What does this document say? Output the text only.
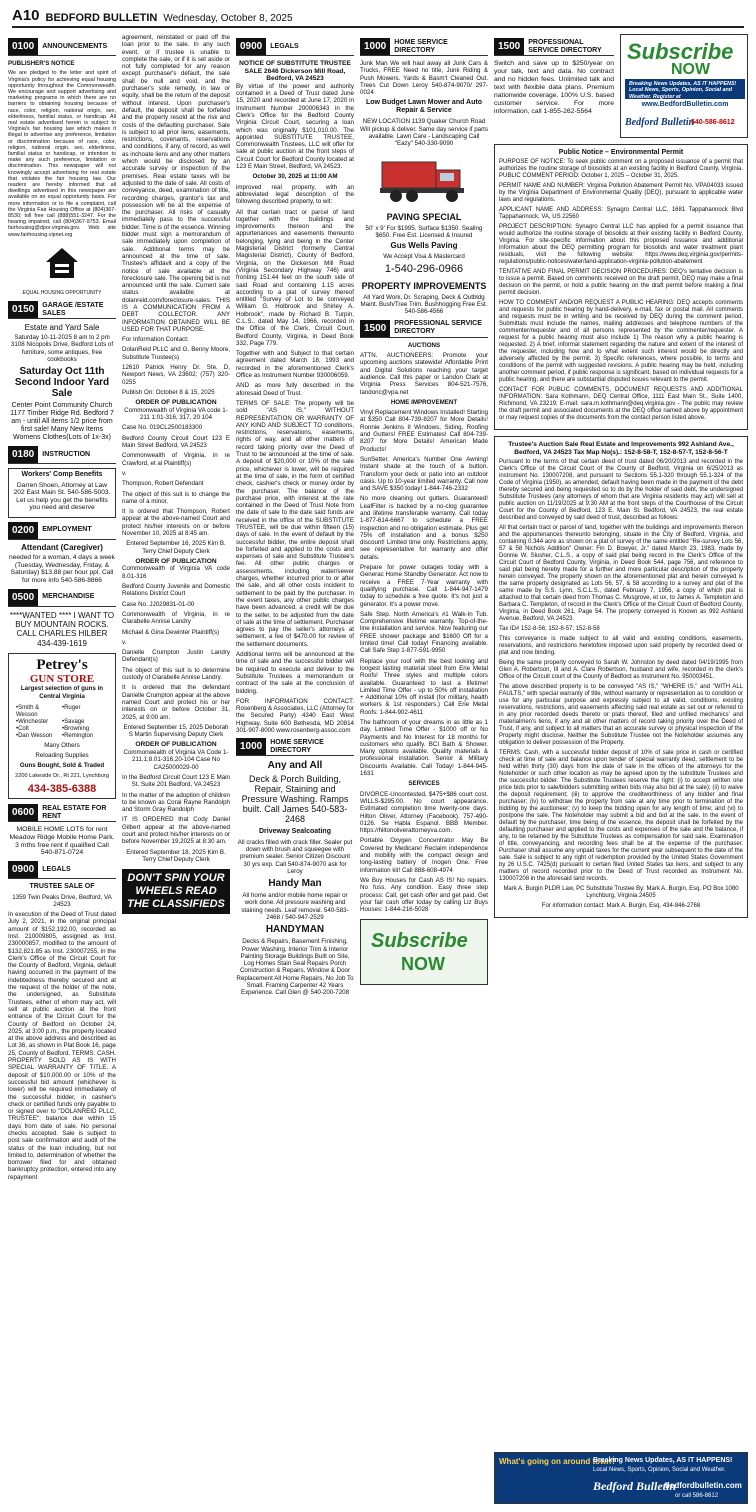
A10 BEDFORD BULLETIN Wednesday, October 8, 2025
0100	ANNOUNCEMENTS

PUBLISHER'S NOTICE

We are pledged to the letter and spirit of Virginia's policy for achieving equal housing opportunity throughout the Commonwealth. We encourage and support advertising and marketing programs in which there are no barriers to obtaining housing because of race, color, religion, national origin, sex, elderliness, familial status, or handicap. All real estate advertised herein is subject to Virginia's fair housing law which makes it illegal to advertise any preference, limitation or discrimination because of race, color, religion, national origin, sex, elderliness, familial status or handicap, or intention to make any such preference, limitation or discrimination. This newspaper will not knowingly accept advertising for real estate that violates the fair housing law. Our readers are hereby informed that all dwellings advertised in this newspaper are available on an equal opportunity basis. For more information or to file a complaint, call the Virginia Fair Housing Office at (804)367-8530; toll free call (888)551-3247. For the hearing impaired, call (804)367-9753. Email fairhousing@dpor.virginia.gov. Web site www.fairhousing.vipnet.org

EQUAL HOUSING OPPORTUNITY

0150	GARAGE /ESTATE SALES

Estate and Yard Sale

Saturday 10-11-2025 8 am to 2 pm 3108 Nicopolis Drive, Bedford Lots of furniture, some antiques, free cookbooks

Saturday Oct 11th Second Indoor Yard Sale

Center Point Community Church 1177 Timber Ridge Rd. Bedford 7 am - until All items 1/2 price from first sale! Many New Items Womens Clothes(Lots of 1x-3x)

0180	INSTRUCTION

Workers' Comp Benefits

Darren Shoen, Attorney at Law 202 East Main St. 540-586-5003. Let us help you get the benefits you need and deserve

0200	EMPLOYMENT

Attendant (Caregiver)

needed for a woman, 4 days a week (Tuesday, Wednesday, Friday, & Saturday) $13.88 per hour ppl. Call for more info 540-586-8866

0500	MERCHANDISE

****WANTED **** I WANT TO BUY MOUNTAIN ROCKS. CALL CHARLES HILBER 434-439-1619

Petrey's
GUN STORE

Largest selection of guns in Central Virginia

•Smith & Wesson
•Ruger
•Winchester	•Savage
•Colt	•Browning
•Dan Wesson	•Remington

Many Others

Reloading Supplies

Guns Bought, Sold & Traded

2200 Lakeside Dr., Rt 221, Lynchburg

434-385-6388
0600	REAL ESTATE FOR RENT

MOBILE HOME LOTS for rent Meadow Ridge Mobile Home Park. 3 mths free rent if qualified Call 540-871-0724

0900	LEGALS

TRUSTEE SALE OF

1359 Twin Peaks Drive, Bedford, VA 24523

In execution of the Deed of Trust dated July 2, 2021, in the original principal amount of $152,192.00, recorded as Inst. 210009805, assigned as Inst. 230000857, modified to the amount of $132,821.85 as Inst. 230007255, in the Clerk's Office of the Circuit Court for the County of Bedford, Virginia, default having occurred in the payment of the indebtedness thereby secured and at the request of the holder of the note, the undersigned, as Substitute Trustees, either of whom may act, will sell at public auction at the front entrance of the Circuit Court for the County of Bedford on October 24, 2025, at 3:00 p.m., the property located at the above address and described as Lot 36, as shown in Plat Book 16, page 25, County of Bedford. TERMS: CASH. PROPERTY SOLD AS IS WITH SPECIAL WARRANTY OF TITLE. A deposit of $10,000.00 or 10% of the successful bid amount (whichever is lower) will be required immediately of the successful bidder, in cashier's check or certified funds only payable to or signed over to "DOLANREID PLLC, TRUSTEE"; balance due within 15 days from date of sale. No personal checks accepted. Sale is subject to post sale confirmation and audit of the status of the loan including, but not limited to, determination of whether the borrower filed for and obtained bankruptcy protection, entered into any repayment

agreement, reinstated or paid off the loan prior to the sale. In any such event, or if trustee is unable to complete the sale, or if it is set aside or not fully completed for any reason except purchaser's default, the sale shall be null and void, and the purchaser's sole remedy, in law or equity, shall be the return of the deposit without interest. Upon purchaser's default, the deposit shall be forfeited and the property resold at the risk and costs of the defaulting purchaser. Sale is subject to all prior liens, easements, restrictions, covenants, reservations and conditions, if any, of record, as well as inchoate liens and any other matters which would be disclosed by an accurate survey or inspection of the premises. Real estate taxes will be adjusted to the date of sale. All costs of conveyance, deed, examination of title, recording charges, grantor's tax and possession will be at the expense of the purchaser. All risks of casualty immediately pass to the successful bidder. Time is of the essence. Winning bidder must sign a memorandum of sale immediately upon completion of sale. Additional terms may be announced at the time of sale. Trustee's affidavit and a copy of the notice of sale available at the foreclosure sale. The opening bid is not announced until the sale. Current sale status available at dolanreid.com/foreclosure-sales. THIS IS A COMMUNICATION FROM A DEBT COLLECTOR. ANY INFORMATION OBTAINED WILL BE USED FOR THAT PURPOSE.

For Information Contact:

DolanReid PLLC and G. Benny Moore, Substitute Trustee(s)

12610 Patrick Henry Dr. Ste. D, Newport News, VA 23602; (757) 320-0255

Publish On: October 8 & 15, 2025

ORDER OF PUBLICATION

Commonwealth of Virginia VA code 1-211 1:01-316, 317, 20 104

Case No. 019CL2500183300

Bedford County Circuit Court 123 E Main Street Bedford, VA 24523

Commonwealth of Virginia, in re Crawford, et al Plaintiff(s)

v.

Thompson, Robert Defendant

The object of this suit is to change the name of a minor.

It is ordered that Thompson, Robert appear at the above-named Court and protect his/her interests on or before November 10, 2025 at 8:45 am.

Entered September 16, 2025 Kim B. Terry Chief Deputy Clerk

ORDER OF PUBLICATION

Commonwealth of Virginia VA code 8.01-316

Bedford County Juvenile and Domestic Relations District Court

Case No. JJ029831-01-00

Commonwealth of Virginia, in re Clarabelle Annise Landry

Michael & Gina Dewinter Plaintiff(s)

v.

Danielle Crumpton Justin Landry Defendant(s)

The object of this suit is to determine custody of Clarabelle Annise Landry.

It is ordered that the defendant Danielle Crumpton appear at the above named Court and protect his or her interests on or before October 31, 2025, at 9:00 am.

Entered September 15, 2025 Deborah S Martin Supervising Deputy Clerk

ORDER OF PUBLICATION

Commonwealth of Virginia VA Code 1-211.1;8.01-316,20-104 Case No CA25000029-00

In the Bedford Circuit Court 123 E Main St. Suite 201 Bedford, VA 24523

In the matter of the adoption of children to be known as Coral Rayne Randolph and Storm Gray Randolph

IT IS ORDERED that Cody Daniel Gilbert appear at the above-named court and protect his/her interests on or before November 19,2025 at 8:30 am.

Entered September 18, 2025 Kim B. Terry Chief Deputy Clerk

DON'T SPIN YOUR WHEELS READ THE CLASSIFIEDS
0900	LEGALS

NOTICE OF SUBSTITUTE TRUSTEE SALE 2646 Dickerson Mill Road, Bedford, VA 24523

By virtue of the power and authority contained in a Deed of Trust dated June 15, 2020 and recorded at June 17, 2020 in Instrument Number 200006343 in the Clerk's Office for the Bedford County Virginia Circuit Court, securing a loan which was originally $101,010.00. The appointed SUBSTITUTE TRUSTEE, Commonwealth Trustees, LLC will offer for sale at public auction at the front steps of Circuit Court for Bedford County located at 123 E Main Street, Bedford, VA 24523.

October 30, 2025 at 11:00 AM

improved real property, with an abbreviated legal description of the following described property, to wit:

All that certain tract or parcel of land together with the buildings and improvements thereon and the appurtenances and easements thereunto belonging, lying and being in the Center Magisterial District (formerly Central Magisterial District), County of Bedford, Virginia, on the Dickerson Mill Road (Virginia Secondary Highway 746) and fronting 151.44 feet on the south side of said Road and containing 1.15 acres according to a plat of survey thereof entitled "Survey of Lot to be conveyed William G. Holbrook and Shirley A. Holbrook", made by Richard B. Turpin, C.L.S., dated May 14, 1966, recorded in the Office of the Clerk, Circuit Court, Bedford County, Virginia, in Deed Book 332, Page 779.

Together with and Subject to that certain agreement dated March 18, 1993 and recorded in the aforementioned Clerk's Office as Instrument Number 930006059.

AND as more fully described in the aforesaid Deed of Trust.

TERMS OF SALE: The property will be sold "AS IS," WITHOUT REPRESENTATION OR WARRANTY OF ANY KIND AND SUBJECT TO conditions, restrictions, reservations, easements, rights of way, and all other matters of record taking priority over the Deed of Trust to be announced at the time of sale. A deposit of $20,000 or 10% of the sale price, whichever is lower, will be required at the time of sale, in the form of certified check, cashier's check or money order by the purchaser. The balance of the purchase price, with interest at the rate contained in the Deed of Trust Note from the date of sale to the date said funds are received in the office of the SUBSTITUTE TRUSTEE, will be due within fifteen (15) days of sale. In the event of default by the successful bidder, the entire deposit shall be forfeited and applied to the costs and expenses of sale and Substitute Trustee's fee. All other public charges or assessments, including water/sewer charges, whether incurred prior to or after the sale, and all other costs incident to settlement to be paid by the purchaser. In the event taxes, any other public charges have been advanced, a credit will be due to the seller, to be adjusted from the date of sale at the time of settlement. Purchaser agrees to pay the seller's attorneys at settlement, a fee of $470.00 for review of the settlement documents.

Additional terms will be announced at the time of sale and the successful bidder will be required to execute and deliver to the Substitute Trustees a memorandum or contract of the sale at the conclusion of bidding.

FOR INFORMATION CONTACT: Rosenberg & Associates, LLC (Attorney for the Secured Party) 4340 East West Highway, Suite 600 Bethesda, MD 20814 301-907-8000 www.rosenberg-assoc.com

1000	HOME SERVICE DIRECTORY

Any and All

Deck & Porch Building, Repair, Staining and Pressure Washing. Ramps built. Call James 540-583-2468

Driveway Sealcoating

All cracks filled with crack filler. Sealer put down with brush and squeegee with premium sealer. Senior Citizen Discount 30 yrs exp. Call 540-874-9070 ask for Leroy

Handy Man

All home and/or mobile home repair or work done. All pressure washing and staining needs. Leaf removal. 540-583-2468 / 540-947-2529

HANDYMAN

Decks & Repairs, Basement Finishing, Power Washing, Interior Trim & Interior Painting Storage Buildings Built on Site, Log Homes Stain Seal Repairs Porch Construction & Repairs, Window & Door Replacement All Home Repairs, No Job To Small. Framing Carpenter 42 Years Experience. Call Glen @ 540-200-7208

1000	HOME SERVICE DIRECTORY

Junk Man We will haul away all Junk Cars & Trucks, FREE Need no title, Junk Riding & Push Mowers. Yards & Basm't Cleaned Out. Trees Cut Down Leroy 540-874-9070/ 297-0024

Low Budget Lawn Mower and Auto Repair & Service

NEW LOCATION 1139 Quaker Church Road Will pickup & deliver. Same day service if parts available. Lawn Care - Landscaping Call "Eazy" 540-330-9090

PAVING SPECIAL

50' x 9' For $1995. Surface $1350. Sealing $650. Free Est. Licensed & Insured

Gus Wells Paving

We Accept Visa & Mastercard

1-540-296-0966

PROPERTY IMPROVEMENTS

All Yard Work, Dr. Scraping, Deck & Outbldg Maint. Bush/Tree Trim. Bushhogging Free Est. 540-586-4566

1500	PROFESSIONAL SERVICE DIRECTORY

AUCTIONS

ATTN. AUCTIONEERS: Promote your upcoming auctions statewide! Affordable Print and Digital Solutions reaching your target audience. Call this paper or Landon Clark at Virginia Press Services 804-521-7576, landonc@vpa.net

HOME IMPROVEMENT

Vinyl Replacement Windows Installed! Starting at $350 Call 804-739-8207 for More Details! Ronnie Jenkins II Windows, Siding, Roofing and Gutters! FREE Estimates! Call 804-739-8207 for More Details! American Made Products!

SunSetter. America's Number One Awning! Instant shade at the touch of a button. Transform your deck or patio into an outdoor oasis. Up to 10-year limited warranty. Call now and SAVE $350 today! 1-844-746-2332

No more cleaning out gutters. Guaranteed! LeafFilter is backed by a no-clog guarantee and lifetime transferable warranty. Call today 1-877-614-6667 to schedule a FREE inspection and no obligation estimate. Plus get 75% off installation and a bonus $250 discount! Limited time only. Restrictions apply, see representative for warranty and offer details.

Prepare for power outages today with a Generac Home Standby Generator. Act now to receive a FREE 7-Year warranty with qualifying purchase. Call 1-844-947-1479 today to schedule a free quote. It's not just a generator. It's a power move.

Safe Step. North America's #1 Walk-In Tub. Comprehensive lifetime warranty. Top-of-the-line installation and service. Now featuring our FREE shower package and $1600 Off for a limited time! Call today! Financing available. Call Safe Step 1-877-591-9950

Replace your roof with the best looking and longest lasting material steel from Erie Metal Roofs! Three styles and multiple colors available. Guaranteed to last a lifetime! Limited Time Offer - up to 50% off installation + Additional 10% off install (for military, health workers & 1st responders.) Call Erie Metal Roofs: 1-844-902-4611

The bathroom of your dreams in as little as 1 day. Limited Time Offer - $1000 off or No Payments and No Interest for 18 months for customers who qualify. BCI Bath & Shower. Many options available. Quality materials & professional installation. Senior & Military Discounts Available. Call Today! 1-844-945-1631

SERVICES

DIVORCE-Uncontested, $475+$86 court cost. WILLS-$295.00. No court appearance. Estimated completion time twenty-one days. Hilton Oliver, Attorney (Facebook). 757-490-0126. Se Habla Espanol. BBB Member. https://hiltonoliverattorneyva.com.

Portable Oxygen Concentrator May Be Covered by Medicare! Reclaim independence and mobility with the compact design and long-lasting battery of Inogen One. Free information kit! Call 888-608-4974

We Buy Houses for Cash AS IS! No repairs. No fuss. Any condition. Easy three step process: Call, get cash offer and get paid. Get your fair cash offer today by calling Liz Buys Houses: 1-844-216-5028

Subscribe
NOW
1500	PROFESSIONAL SERVICE DIRECTORY

Switch and save up to $250/year on your talk, text and data. No contract and no hidden fees. Unlimited talk and text with flexible data plans. Premium nationwide coverage. 100% U.S. based customer service. For more information, call 1-855-262-5564

Subscribe
NOW
Breaking News Updates, AS IT HAPPENS! Local News, Sports, Opinion, Social and Weather. Register at
www.BedfordBulletin.com
Bedford Bulletin
540-586-8612

Public Notice – Environmental Permit

PURPOSE OF NOTICE: To seek public comment on a proposed issuance of a permit that authorizes the routine storage of biosolids at an existing facility in Bedford County, Virginia. PUBLIC COMMENT PERIOD: October 1, 2025 – October 31, 2025.

PERMIT NAME AND NUMBER: Virginia Pollution Abatement Permit No. VPA04033 issued by the Virginia Department of Environmental Quality (DEQ), pursuant to applicable water laws and regulations.

APPLICANT NAME AND ADDRESS: Synagro Central LLC, 1681 Tappahannock Blvd Tappahannock, VA, US 22560

PROJECT DESCRIPTION: Synagro Central LLC has applied for a permit issuance that would authorize the routine storage of biosolids at their existing facility in Bedford County, Virginia. For site-specific information about this proposed issuance and additional information about the DEQ permitting program for biosolids and water treatment plant residuals, visit the following website: https://www.deq.virginia.gov/permits-regulations/public-notices/water/land-application-virginia-pollution-abatement

TENTATIVE AND FINAL PERMIT DECISION PROCEDURES: DEQ's tentative decision is to issue a permit. Based on comments received on the draft permit, DEQ may make a final decision on the permit, or hold a public hearing on the draft permit before making a final permit decision.

HOW TO COMMENT AND/OR REQUEST A PUBLIC HEARING: DEQ accepts comments and requests for public hearing by hand-delivery, e-mail, fax or postal mail. All comments and requests must be in writing and be received by DEQ during the comment period. Submittals must include the names, mailing addresses and telephone numbers of the commenter/requester and of all persons represented by the commenter/requester. A request for a public hearing must also include 1) The reason why a public hearing is requested. 2) A brief, informal statement regarding the nature and extent of the interest of the requester, including how and to what extent such interest would be directly and adversely affected by the permit. 3) Specific references, where possible, to terms and conditions of the permit with suggested revisions. A public hearing may be held, including another comment period, if public response is significant, based on individual requests for a public hearing, and there are substantial disputed issues relevant to the permit.

CONTACT FOR PUBLIC COMMENTS, DOCUMENT REQUESTS AND ADDITIONAL INFORMATION: Sara Kothmann, DEQ Central Office, 1111 East Main St., Suite 1400, Richmond, VA 23219; E-mail: sara.m.kothmann@deq.virginia.gov - The public may review the draft permit and associated documents at the DEQ office named above by appointment or may request copies of the documents from the contact person listed above.

Trustee's Auction Sale Real Estate and Improvements 992 Ashland Ave., Bedford, VA 24523 Tax Map No(s).: 152-8-58-T, 152-8-57-T, 152-8-56-T

Pursuant to the terms of that certain deed of trust dated 06/20/2013 and recorded in the Clerk's Office of the Circuit Court of the County of Bedford, Virginia on 6/25/2013 as instrument No. 130007208, and pursuant to Sections 55.1-320 through 55.1-324 of the Code of Virginia (1950), as amended, default having been made in the payment of the debt thereby secured and being requested so to do by the holder of said debt, the undersigned Substitute Trustees (any attorneys of whom that are Virginia residents may act) will sell at public auction on 11/19/2025 at 9:30 AM at the front steps of the Courthouse of the Circuit Court for the County of Bedford, 123 E. Main St. Bedford, VA 24523, the real estate described and conveyed by said deed of trust, described as follows:

All that certain tract or parcel of land, together with the buildings and improvements thereon and the appurtenances thereunto belonging, situate in the City of Bedford, Virginia, and containing 0.344 acre as shown on a plat of survey of the same entitled "Re-survey Lots 56, 57 & 58 Nichols Addition" Owner: Fin D. Bowyer, Jr." dated March 23, 1983, made by Donnie W. Slusher, C.L.S., a copy of said plat being record in the Clerk's Office of the Circuit Court of Bedford County, Virginia, in Deed Book 544, page 756, and reference to said plat being hereby made for a further and more particular description of the property herein conveyed. The property shown on the aforementioned plat and herein conveyed is the same property designated as Lots 56, 57, & 58 according to a survey and plat of the same made by S.S. Lynn, S.C.L.S., dated February 7, 1956, a copy of which plat is attached to that certain deed from Thomas C. Musgrove, et ux, to James A. Templeton and Barbara C. Templeton, of record in the Clerk's Office of the Circuit Court of Bedford County, Virginia, in Deed Book 261, Page 54. The property conveyed is Known as 992 Ashland Avenue, Bedford, VA 24523.

Tax ID# 152-8-56; 152-8-57; 152-8-58

This conveyance is made subject to all valid and existing conditions, easements, reservations, and restrictions heretofore imposed upon said property by recorded deed or plat and now binding.

Being the same property conveyed to Sarah W. Johnston by deed dated 04/19/1995 from Glen A. Robertson, III and A. Clare Robertson, husband and wife, recorded in the clerk's Office of the Circuit court of the County of Bedford as Instrument No. 950003451.

The above described property is to be conveyed "AS IS," "WHERE IS," and "WITH ALL FAULTS," with special warranty of title, without warranty or representation as to condition or use for any particular purpose and expressly subject to all valid, conditions, existing reservations, restrictions, and easements affecting said real estate as set out or referred to in any prior recorded deeds thereto or plats thereof, filed and unfiled mechanics' and materialmen's liens, if any and all other matters of record taking priority over the Deed of Trust, if any, and subject to all matters that an accurate survey or physical inspection of the Property might disclose. Neither the Substitute Trustee not the Noteholder assumes any obligation to deliver possession of the Property.

TERMS: Cash, with a successful bidder deposit of 10% of sale price in cash or certified check at time of sale and balance upon tender of special warranty deed, settlement to be held within thirty (30) days from the date of sale in the offices of the attorneys for the Noteholder or such other location as may be agreed upon by the substitute Trustees and the successful bidder. The Substitute Trustees reserve the right: (i) to accept written one price bids prior to sale/bidders submitting written bids may also bid at the sale); (ii) to waive the deposit requirement; (iii) to approve the creditworthiness of any bidder and final purchaser; (iv) to withdraw the property from sale at any time prior to termination of the bidding by the auctioneer; (v) to keep the bidding open for any length of time; and (vi) to postpone the sale. The Noteholder may submit a bid and bid at the sale. In the event of default by the purchaser, time being of the essence, the deposit shall be forfeited by the defaulting purchaser and applied to the costs and expenses of the sale and the balance, if any, to be retained by the Substitute Trustees as compensation for said sale. Examination of title, conveyancing, and recording fees shall be at the expense of the purchaser. Purchaser shall assume any unpaid taxes for the current year subsequent to the date of the sale. Sale is subject to any right of redemption provided by the United States Government by 26 U.S.C. 7425(d) pursuant to certain filed United States tax liens, and subject to any matters of record recorded prior to the Deed of Trust recorded as Instrument No. 130007208 in the aforesaid land records.

Mark A. Burgin PLDR Law, PC Substitute Trustee By: Mark A. Burgin, Esq. PO Box 1080 Lynchburg, Virginia 24505

For information contact: Mark A. Burgin, Esq. 434-846-2768

What's going on around town?
Breaking News Updates, AS IT HAPPENS!
Local News, Sports, Opinion, Social and Weather.
Bedford Bulletin
bedfordbulletin.com
or call 586-8612
